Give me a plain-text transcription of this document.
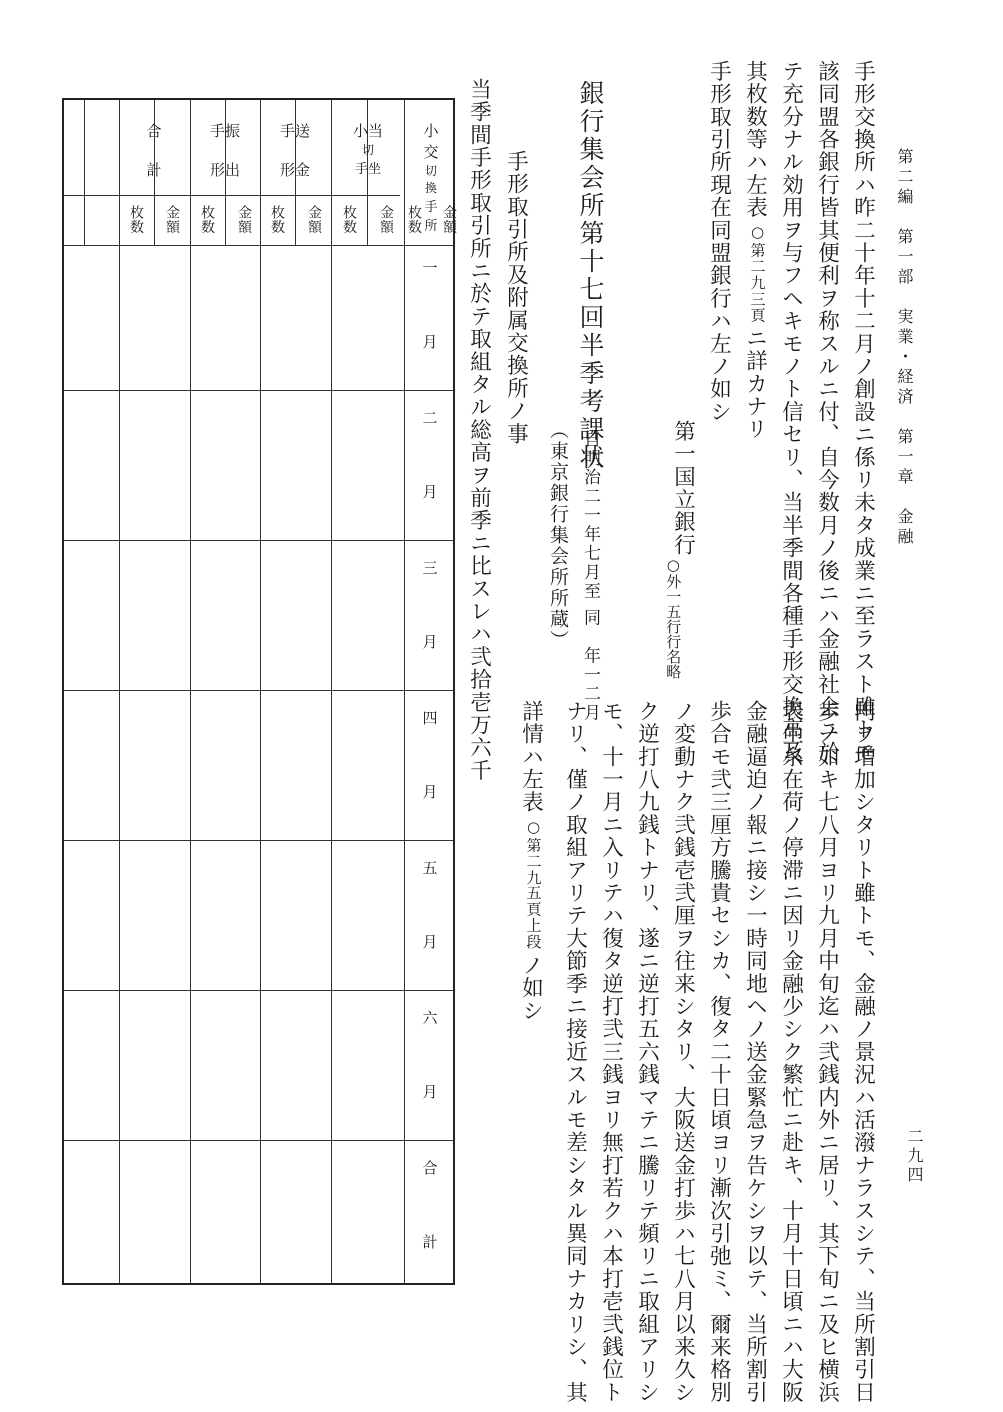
第二編　第一部　実業・経済　第一章　金融
二九四
手形交換所ハ昨二十年十二月ノ創設ニ係リ未タ成業ニ至ラスト雖トモ
該同盟各銀行皆其便利ヲ称スルニ付、自今数月ノ後ニハ金融社会ニ於
テ充分ナル効用ヲ与フヘキモノト信セリ、当半季間各種手形交換高及
其枚数等ハ左表
○第二
九三頁
ニ詳カナリ
手形取引所現在同盟銀行ハ左ノ如シ
第一国立銀行
○外一五
行行名略
銀行集会所第十七回半季考課状
自明治二一年七月
至 同　年一二月
（東京銀行集会所所蔵）
手形取引所及附属交換所ノ事
当季間手形取引所ニ於テ取組タル総高ヲ前季ニ比スレハ弐拾壱万六千
円ヲ増加シタリト雖トモ、金融ノ景況ハ活潑ナラスシテ、当所割引日
歩ノ如キ七八月ヨリ九月中旬迄ハ弐銭内外ニ居リ、其下旬ニ及ヒ横浜
表生糸在荷ノ停滞ニ因リ金融少シク繁忙ニ赴キ、十月十日頃ニハ大阪
金融逼迫ノ報ニ接シ一時同地ヘノ送金緊急ヲ告ケシヲ以テ、当所割引
歩合モ弐三厘方騰貴セシカ、復タ二十日頃ヨリ漸次引弛ミ、爾来格別
ノ変動ナク弐銭壱弐厘ヲ往来シタリ、大阪送金打歩ハ七八月以来久シ
ク逆打八九銭トナリ、遂ニ逆打五六銭マテニ騰リテ頻リニ取組アリシ
モ、十一月ニ入リテハ復タ逆打弐三銭ヨリ無打若クハ本打壱弐銭位ト
ナリ、僅ノ取組アリテ大節季ニ接近スルモ差シタル異同ナカリシ、其
詳情ハ左表
○第二九
五頁上段
ノ如シ
小交
切換
手所
小当
切
手坐
手送
形金
手振
形出
合
計
金額
枚数
金額
枚数
金額
枚数
金額
枚数
金額
枚数
一　月
二　月
三　月
四　月
五　月
六　月
合　計
